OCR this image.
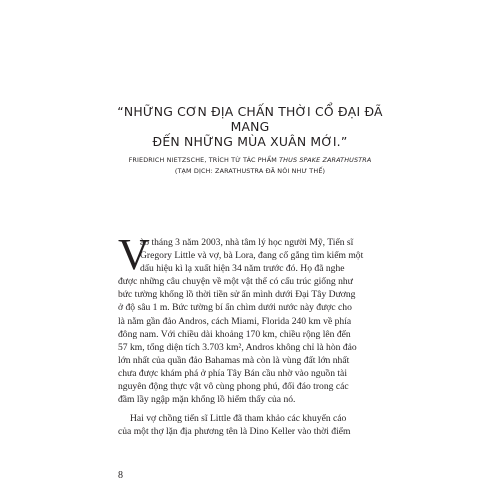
“NHỮNG CƠN ĐỊA CHẤN THỜI CỔ ĐẠI ĐÃ MANG
ĐẾN NHỮNG MÙA XUÂN MỚI.”

FRIEDRICH NIETZSCHE, TRÍCH TỪ TÁC PHẨM THUS SPAKE ZARATHUSTRA
(TẠM DỊCH: ZARATHUSTRA ĐÃ NÓI NHƯ THẾ)
V
ào tháng 3 năm 2003, nhà tâm lý học người Mỹ, Tiến sĩ
Gregory Little và vợ, bà Lora, đang cố gắng tìm kiếm một
dấu hiệu kì lạ xuất hiện 34 năm trước đó. Họ đã nghe
được những câu chuyện về một vật thể có cấu trúc giống như
bức tường khổng lồ thời tiền sử ẩn mình dưới Đại Tây Dương
ở độ sâu 1 m. Bức tường bí ẩn chìm dưới nước này được cho
là nằm gần đảo Andros, cách Miami, Florida 240 km về phía
đông nam. Với chiều dài khoảng 170 km, chiều rộng lên đến
57 km, tổng diện tích 3.703 km², Andros không chỉ là hòn đảo
lớn nhất của quần đảo Bahamas mà còn là vùng đất lớn nhất
chưa được khám phá ở phía Tây Bán cầu nhờ vào nguồn tài
nguyên động thực vật vô cùng phong phú, đối đáo trong các
đầm lầy ngập mặn khổng lồ hiểm thấy của nó.
Hai vợ chồng tiến sĩ Little đã tham khảo các khuyến cáo
của một thợ lặn địa phương tên là Dino Keller vào thời điểm
8
